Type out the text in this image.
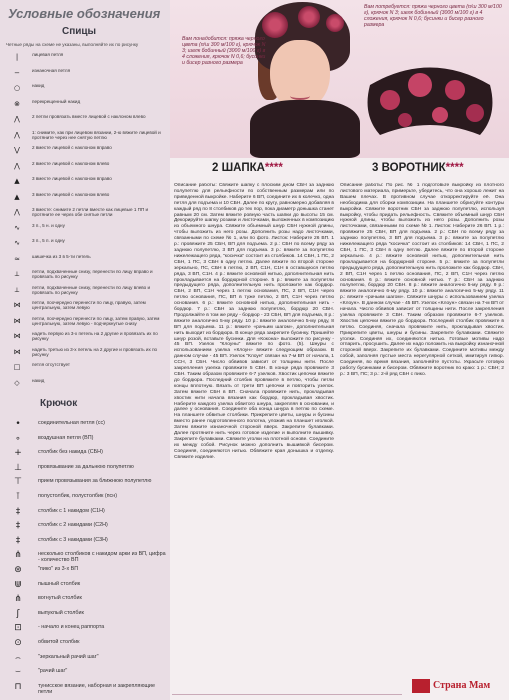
Условные обозначения
Спицы
Четные ряды на схеме не указаны, выполняйте их по рисунку
|	лицевая петля
−	изнаночная петля
○	накид
⊗	перекрещенный накид
⋀	2 петли провязать вместе лицевой с наклоном влево
⋀	1: снимите, как при лицевом вязании, 2-ю вяжите лицевой и протяните через нее снятую петлю
⋁	2 вместе лицевой с наклоном вправо
⋀	2 вместе лицевой с наклоном влево
▲	3 вместе лицевой с наклоном вправо
▲	3 вместе лицевой с наклоном влево
⋀	3 вместе: снимите 2 петли вместе как лицевые 1 ПП и протяните ее через обе снятые петли
∿	3 п., 5 н. и одну
∿	3 п., 5 п. и одну
≈	шишечка из 3 в 5-ти петель
⟂	петли, подхваченные снизу, перенести по лицу вправо и провязать по рисунку
⟂	петли, подхваченные снизу, перенести по лицу влево и провязать по рисунку
⋈	петли, поочередно перенести по лицу, правую, затем центральную, затем левую
⋈	петли, поочередно перенести по лицу, затем правую, затем центральную, затем левую - подчеркнутые снизу
⋈	надеть первую из 3-х петель на 2 другие и провязать их по рисунку
⋈	надеть третью из 3-х петель на 2 другие и провязать их по рисунку
□	петля отсутствует
◇	накид
Крючок
•	соединительная петля (сс)
∘	воздушная петля (ВП)
+	столбик без накида (СБН)
⊥	провязывание за дальнюю полупетлю
⊤	прием провязывания за ближнюю полупетлю
⊺	полустолбик, полустолбик (псн)
‡	столбик с 1 накидом (С1Н)
‡	столбик с 2 накидами (С2Н)
‡	столбик с 3 накидами (С3Н)
⋔	несколько столбиков с накидом арки из ВП, цифра - количество ВП
⊛	"пико" из 3-х ВП
⋓	пышный столбик
⋔	вогнутый столбик
ʃ	выпуклый столбик
⊡	- начало и конец раппорта
⊙	обвитой столбик
⌢	"зеркальный рачий шаг"
⌣	"рачий шаг"
⊓	тунисское вязание, наборная и закрепляющие петли
Вам понадобится: пряжа черного цвета (п/ш 300 м/100 г), крючок N 3; шелк бобинный (3000 м/100 г) в 4 сложения, крючок N 0,6; бусинки и бисер разного размера
Вам потребуется: пряжа черного цвета (п/ш 300 м/100 г), крючок N 3; шелк бобинный (3000 м/100 г) в 4 сложения, крючок N 0,6; бусинки и бисер разного размера
2 ШАПКА****	3 ВОРОТНИК****

Описание работы: Свяжите шапку с плоским дном СБН за заднюю полупетлю для рельефности по собственным размерам или по приведенной выкройке. Наберите 6 ВП, соедините их в колечко, одна петля для подъема и 10 СБН. Далее по кругу, равномерно добавляя в каждый ряд по 8 столбиков до тех пор, пока диаметр донышка станет равным 20 см. Затем вяжите ровную часть шапки до высоты 15 см. Декорируйте шапку розами и листочками, выложенных в композицию из объемного шнура. Свяжите объемный шнур СБН нужной длины, чтобы выложить из него розы. Дополнить розы надо листочками, связанными по схеме № 1, или по фото. Листок: Наберите 26 ВП. 1 р.: провяжите 25 СБН, ВП для подъема. 2 р.: СБН по всему ряду за заднюю полупетлю, 3 ВП для подъема. 3 р.: вяжите за полупетлю нижележащего ряда, "косичка" состоит из столбиков. 14 СБН, 1 ПС, 2 СБН, 1 ПС, 3 СБН в одну петлю. Далее вяжите по второй стороне зеркально, ПС, СБН в петлю, 2 ВП, С1Н, С1Н в оставшуюся петлю ряда, 3 ВП, С1Н. 4 р.: вяжите основной нитью, дополнительная нить прокладывается на бордюрной стороне. 5 р.: вяжите за полупетли предыдущего ряда, дополнительную нить проложите как бордюр. СБН, 2 ВП, С1Н через 1 петлю основания, ПС, 2 ВП, С1Н через петлю основания, ПС, ВП в туже петлю, 2 ВП, С1Н через петлю основания. 6 р.: вяжите основной нитью, дополнительная нить - бордюр. 7 р.: СБН за заднюю полупетлю, бордюр 20 СБН. Продолжайте в том же ряду - бордюр - 23 СБН, ВП для подъема, 8 р.: вяжите аналогично 5-му ряду. 10 р.: вяжите аналогично 5-му ряду, 8 ВП для подъема. 11 р.: вяжите «рачьим шагом», дополнительная нить выходит из бордюра. В конце ряда закрепите бусинку. Пришейте шнур розой, вставьте бусинки. Для «Кокона» выложите по рисунку - 45 ВП. Узелок "Клоуны" вяжите по фото. (5). Шнуры с использованием узелка «Клоун» вяжите следующим образом. В данном случае - 45 ВП. Узелок "Клоун" связан на 7-м ВП от начала, 1 ССН, 3 СБН. Число обвивов зависит от толщины нити. После закрепления узелка провяжите 5 СБН. В конце ряда провяжите 3 СБН. Таким образом провяжите 6-7 узелков. Хвостик цепочки вяжите до бордюра. Последний столбик провяжите в петлю, чтобы петли концы вплотную. Вязать от трети ВП цепочки и повторить узелок. Затем вяжите СБН в ВП. Сначала провяжите нить, прокладывая хвостик нити начала вязания как бордюр, прокладывая хвостик. Наберите каждого узелка обвитого шнура, закрепляя в основании, и далее у основания. Соедините оба конца шнура в петлю по схеме. На планшете обвитые столбики. Прикрепите цветы, шнуры и бусины вместо ранее подготовленного полотна, уложив на планшет иголкой. Затем вяжите изнаночной стороной вверх. Закрепите булавками. Далее протяните нить через готовое изделие и выполните вышивку. Закрепите булавками. Свяжите уголки на плотной основе. Соедините их между собой. Рисунок можно дополнить вышивкой бисером. Соединяя, соединяются нитью. Обвяжите края донышка и отделку. Свяжите изделие.

Описание работы: По рис. № 1 подготовьте выкройку из плотного листового материала, примерьте, убедитесь, что она хорошо лежит на Вашем плечах. В противном случае откорректируйте её. Она необходима для сборки композиции. На планшете обрисуйте контуры выкройки. Свяжите воротник СБН за заднюю полупетлю, используя выкройку, чтобы придать рельефность. Свяжите объемный шнур СБН нужной длины, чтобы выложить из него розы. Дополнить розы листочками, связанными по схеме № 1. Листок: Наберите 26 ВП. 1 р.: провяжите 25 СБН, ВП для подъема. 2 р.: СБН по всему ряду за заднюю полупетлю, 3 ВП для подъема. 3 р.: вяжите за полупетлю нижележащего ряда "косичка" состоит из столбиков: 14 СБН, 1 ПС, 2 СБН, 1 ПС, 3 СБН в одну петлю. Далее вяжите по второй стороне зеркально. 4 р.: вяжите основной нитью, дополнительная нить прокладывается на бордюрной стороне. 5 р.: вяжите за полупетли предыдущего ряда, дополнительную нить проложите как бордюр. СБН, 2 ВП, С1Н через 1 петлю основания, ПС, 2 ВП, С1Н через петлю основания. 6 р.: вяжите основной нитью. 7 р.: СБН за заднюю полупетлю, бордюр 20 СБН. 8 р.: вяжите аналогично 5-му ряду. 9 р.: вяжите аналогично 6-му ряду. 10 р.: вяжите аналогично 5-му ряду. 11 р.: вяжите «рачьим шагом». Свяжите шнуры с использованием узелка «Клоун». В данном случае - 45 ВП. Узелок «Клоун» связан на 7-м ВП от начала. Число обвивов зависит от толщины нити. После закрепления узелка провяжите 3 СБН. Таким образом провяжите 6-7 узелков. Хвостик цепочки вяжите до бордюра. Последний столбик провяжите в петлю. Соединяя, сначала провяжите нить, прокладывая хвостик. Прикрепите цветы, шнуры и бусины. Закрепите булавками. Свяжите уголки. Соединяя их, соединяются нитью. Готовые мотивы надо отпарить, просушить. Далее их надо положить на выкройку изнаночной стороной вверх. Закрепите их булавками. Соедините мотивы между собой, заполняя пустые места нерегулярной сеткой, имитируя гипюр. Соединяя, во время вязания, заполняйте пустоты. Украсьте готовую работу бусинками и бисером. Обвяжите воротник по краю: 1 р.: СБН; 2 р.: 3 ВП, ПС; 3 р.: 2-й ряд СБН с пико.

Страна Мам
